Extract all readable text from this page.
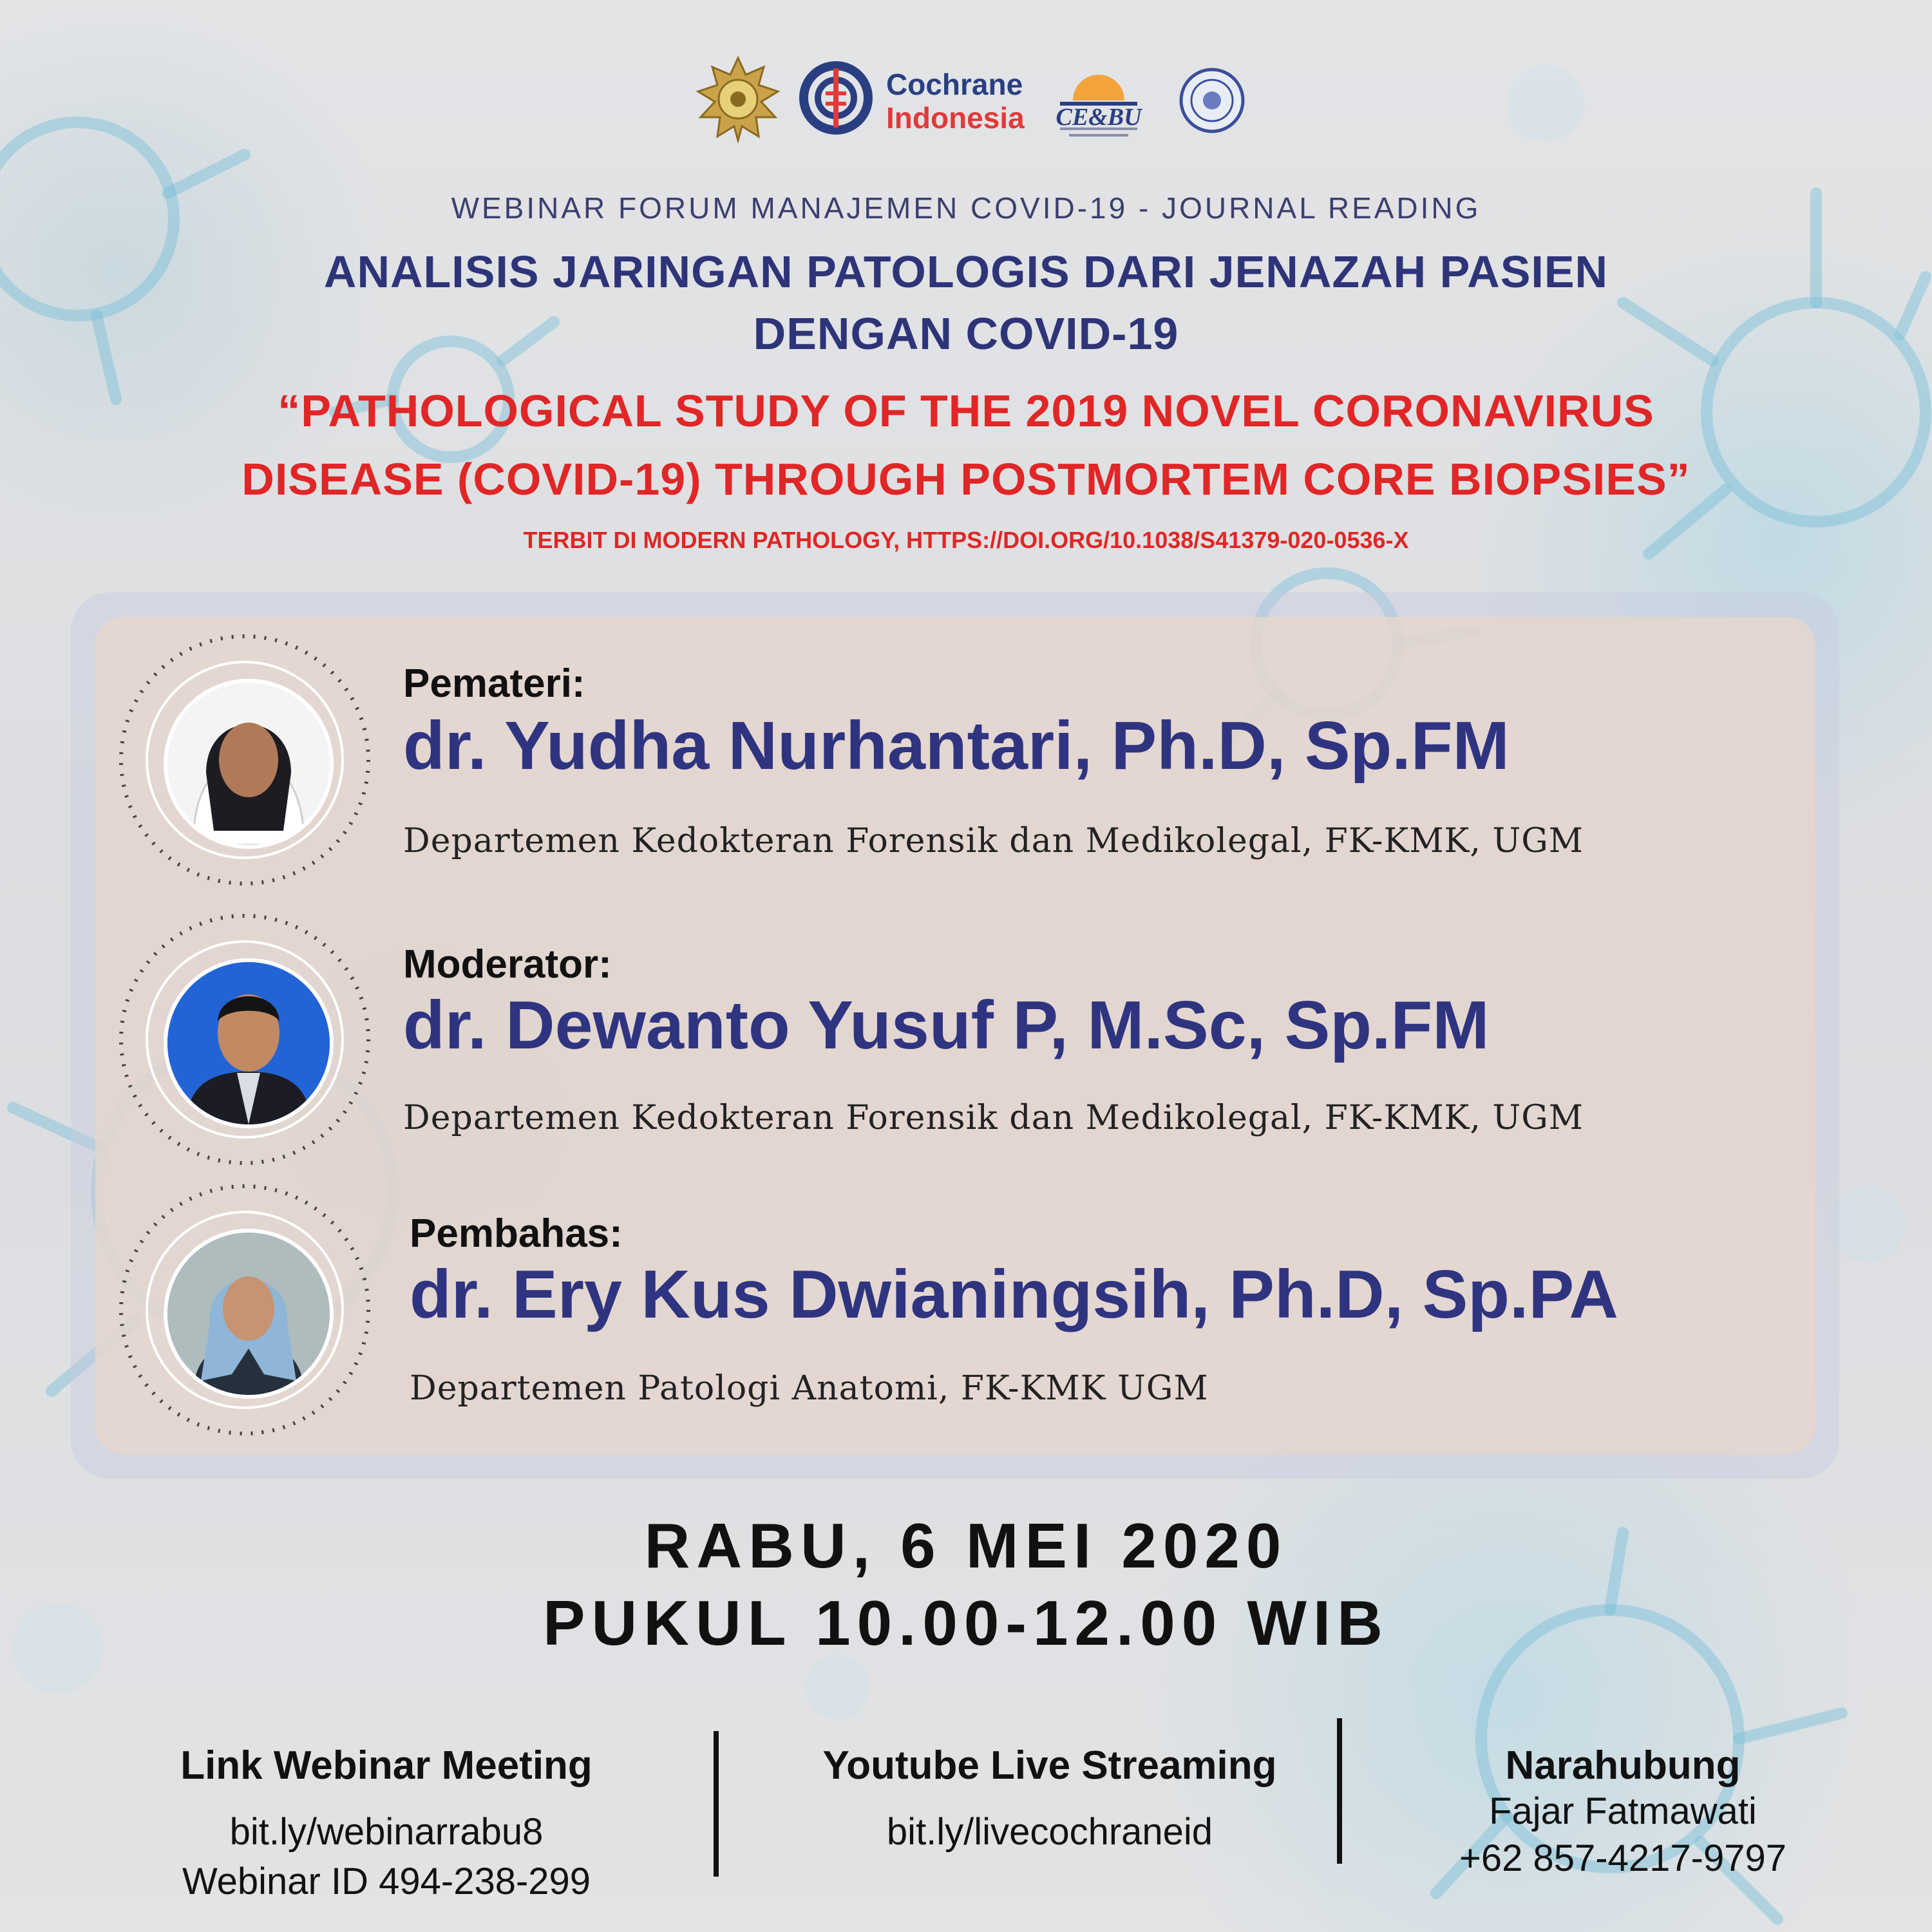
Cochrane
Indonesia CE&BU
WEBINAR FORUM MANAJEMEN COVID-19 - JOURNAL READING
ANALISIS JARINGAN PATOLOGIS DARI JENAZAH PASIEN
DENGAN COVID-19
“PATHOLOGICAL STUDY OF THE 2019 NOVEL CORONAVIRUS
DISEASE (COVID-19) THROUGH POSTMORTEM CORE BIOPSIES”
TERBIT DI MODERN PATHOLOGY, HTTPS://DOI.ORG/10.1038/S41379-020-0536-X
Pemateri:
dr. Yudha Nurhantari, Ph.D, Sp.FM
Departemen Kedokteran Forensik dan Medikolegal, FK-KMK, UGM
Moderator:
dr. Dewanto Yusuf P, M.Sc, Sp.FM
Departemen Kedokteran Forensik dan Medikolegal, FK-KMK, UGM
Pembahas:
dr. Ery Kus Dwianingsih, Ph.D, Sp.PA
Departemen Patologi Anatomi, FK-KMK UGM
RABU, 6 MEI 2020
PUKUL 10.00-12.00 WIB
Link Webinar Meeting
bit.ly/webinarrabu8
Webinar ID 494-238-299
Youtube Live Streaming
bit.ly/livecochraneid
Narahubung
Fajar Fatmawati
+62 857-4217-9797
